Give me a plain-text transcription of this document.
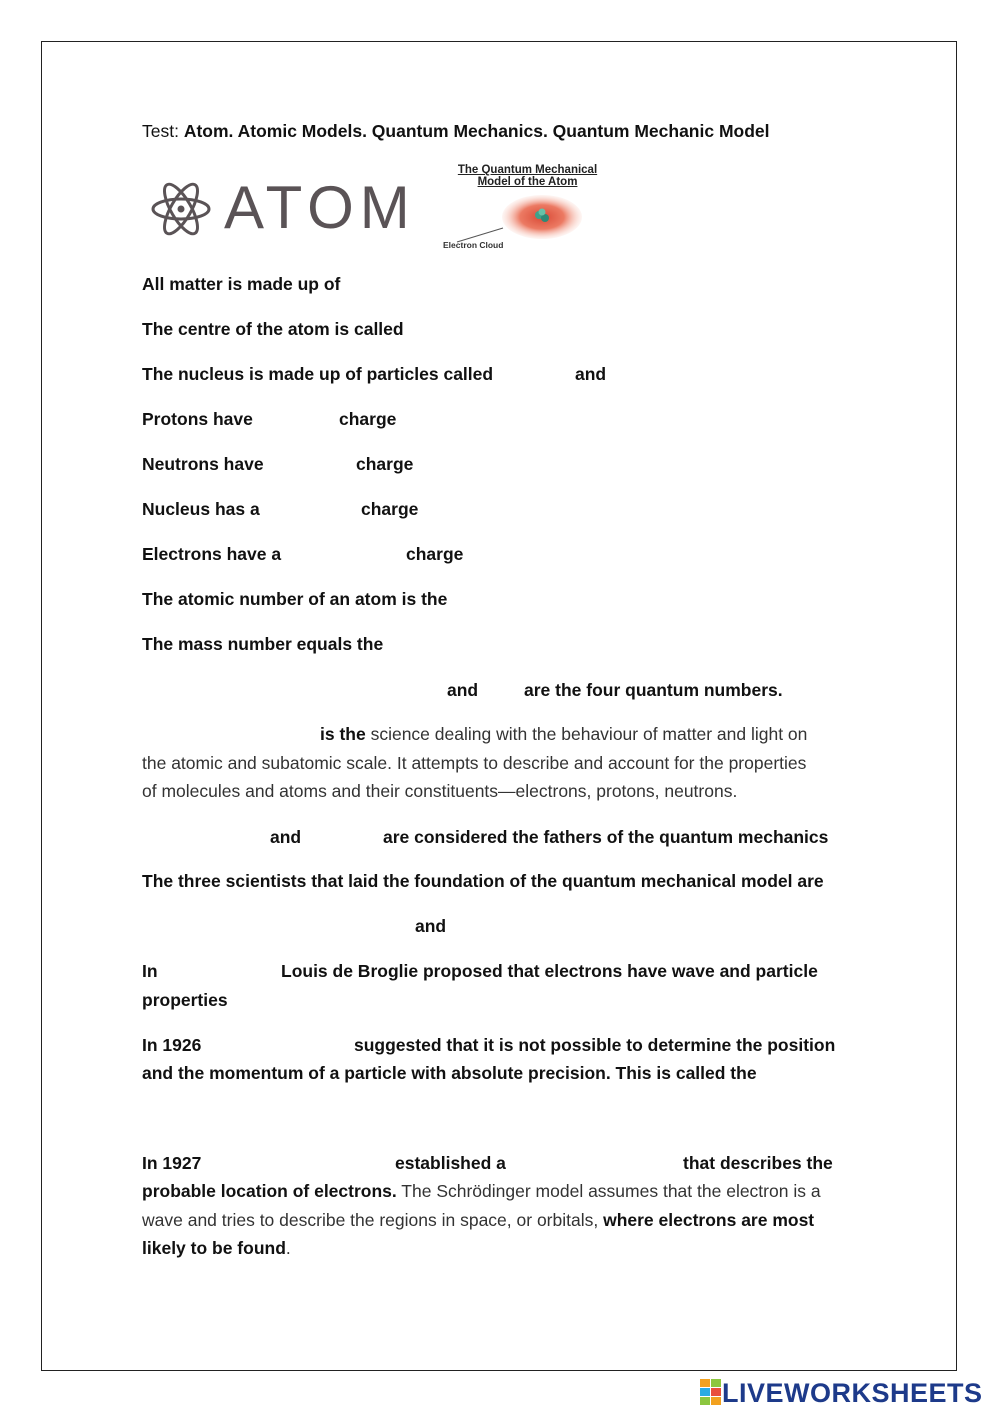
Test: Atom. Atomic Models. Quantum Mechanics. Quantum Mechanic Model
ATOM
The Quantum Mechanical
Model of the Atom
Electron Cloud
All matter is made up of
The centre of the atom is called
The nucleus is made up of particles called	and
Protons have	charge
Neutrons have	charge
Nucleus has a	charge
Electrons have a	charge
The atomic number of an atom is the
The mass number equals the
and	are the four quantum numbers.
is the science dealing with the behaviour of matter and light on
the atomic and subatomic scale. It attempts to describe and account for the properties
of molecules and atoms and their constituents—electrons, protons, neutrons.
and	are considered the fathers of the quantum mechanics
The three scientists that laid the foundation of the quantum mechanical model are
and
In	Louis de Broglie proposed that electrons have wave and particle
properties
In 1926	suggested that it is not possible to determine the position
and the momentum of a particle with absolute precision. This is called the
In 1927	established a	that describes the
probable location of electrons. The Schrödinger model assumes that the electron is a
wave and tries to describe the regions in space, or orbitals, where electrons are most
likely to be found.
LIVEWORKSHEETS
